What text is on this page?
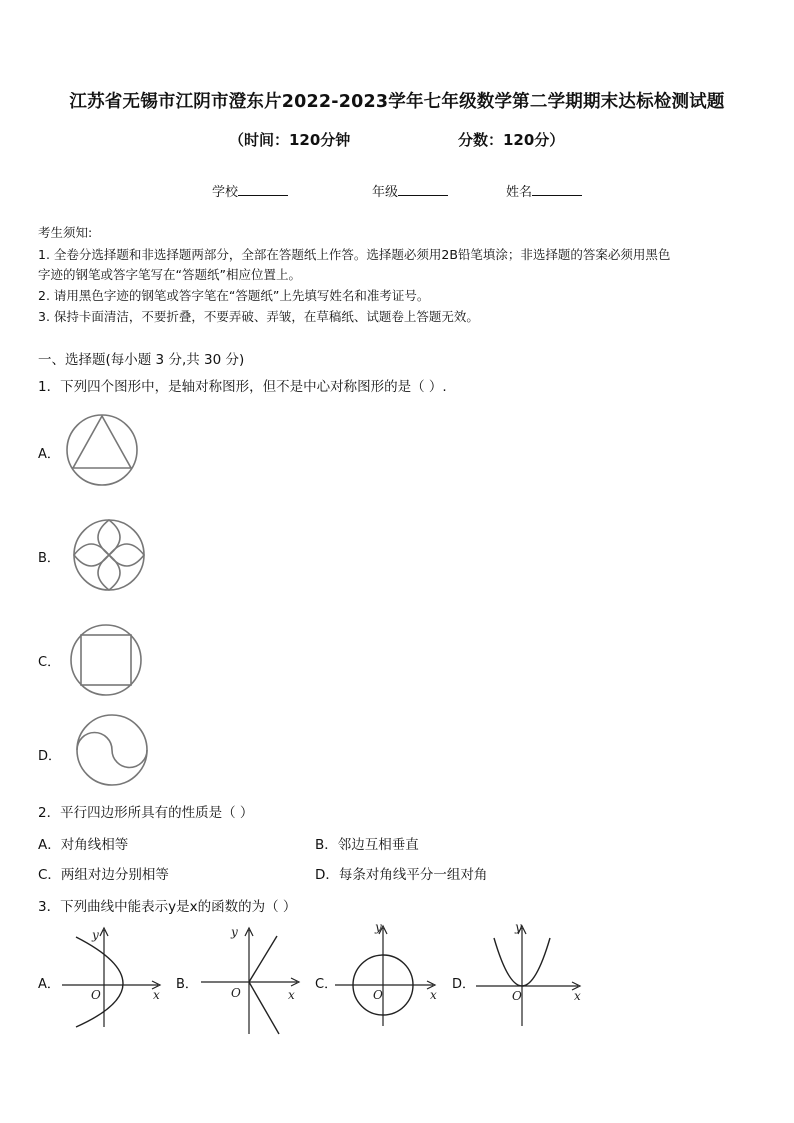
江苏省无锡市江阴市澄东片2022-2023学年七年级数学第二学期期末达标检测试题
（时间：120分钟	分数：120分）
学校	年级	姓名
考生须知:
1. 全卷分选择题和非选择题两部分，全部在答题纸上作答。选择题必须用2B铅笔填涂；非选择题的答案必须用黑色
字迹的钢笔或答字笔写在“答题纸”相应位置上。
2. 请用黑色字迹的钢笔或答字笔在“答题纸”上先填写姓名和准考证号。
3. 保持卡面清洁，不要折叠，不要弄破、弄皱，在草稿纸、试题卷上答题无效。
一、选择题(每小题 3 分,共 30 分)
1．下列四个图形中，是轴对称图形，但不是中心对称图形的是（ ）.
A．
B．
C．
D．
2．平行四边形所具有的性质是（ ）
A．对角线相等	B．邻边互相垂直
C．两组对边分别相等	D．每条对角线平分一组对角
3．下列曲线中能表示y是x的函数的为（ ）
A．
y
x
O
B．
y
x
O
C．
y
x
O
D．
y
x
O
